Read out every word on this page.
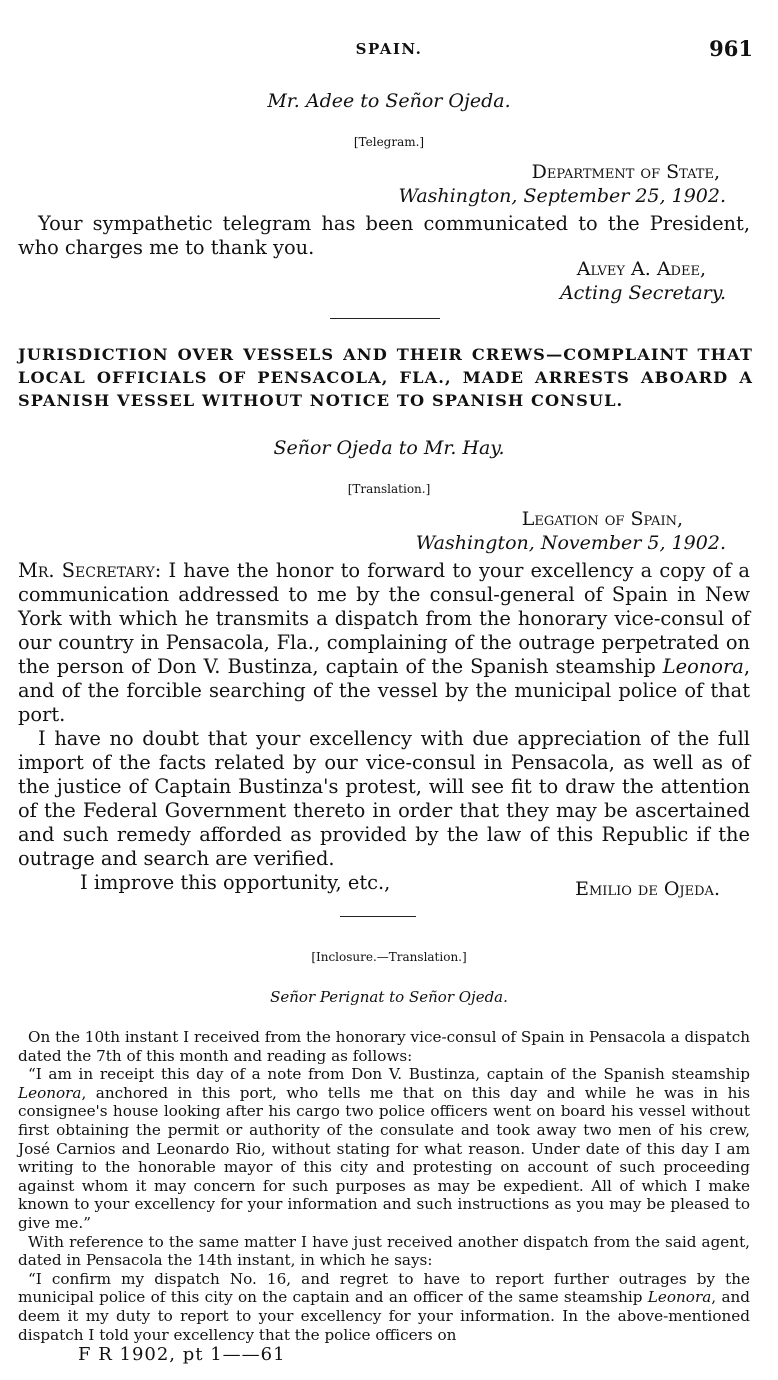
SPAIN.	961
Mr. Adee to Señor Ojeda.
[Telegram.]
Department of State,
Washington, September 25, 1902.

Your sympathetic telegram has been communicated to the President, who charges me to thank you.

Alvey A. Adee,
Acting Secretary.
JURISDICTION OVER VESSELS AND THEIR CREWS—COMPLAINT THAT LOCAL OFFICIALS OF PENSACOLA, FLA., MADE ARRESTS ABOARD A SPANISH VESSEL WITHOUT NOTICE TO SPANISH CONSUL.
Señor Ojeda to Mr. Hay.
[Translation.]
Legation of Spain,
Washington, November 5, 1902.

Mr. Secretary: I have the honor to forward to your excellency a copy of a communication addressed to me by the consul-general of Spain in New York with which he transmits a dispatch from the honorary vice-consul of our country in Pensacola, Fla., complaining of the outrage perpetrated on the person of Don V. Bustinza, captain of the Spanish steamship Leonora, and of the forcible searching of the vessel by the municipal police of that port.

I have no doubt that your excellency with due appreciation of the full import of the facts related by our vice-consul in Pensacola, as well as of the justice of Captain Bustinza's protest, will see fit to draw the attention of the Federal Government thereto in order that they may be ascertained and such remedy afforded as provided by the law of this Republic if the outrage and search are verified.

I improve this opportunity, etc.,	Emilio de Ojeda.
[Inclosure.—Translation.]
Señor Perignat to Señor Ojeda.

On the 10th instant I received from the honorary vice-consul of Spain in Pensacola a dispatch dated the 7th of this month and reading as follows:

“I am in receipt this day of a note from Don V. Bustinza, captain of the Spanish steamship Leonora, anchored in this port, who tells me that on this day and while he was in his consignee's house looking after his cargo two police officers went on board his vessel without first obtaining the permit or authority of the consulate and took away two men of his crew, José Carnios and Leonardo Rio, without stating for what reason. Under date of this day I am writing to the honorable mayor of this city and protesting on account of such proceeding against whom it may concern for such purposes as may be expedient. All of which I make known to your excellency for your information and such instructions as you may be pleased to give me.”

With reference to the same matter I have just received another dispatch from the said agent, dated in Pensacola the 14th instant, in which he says:

“I confirm my dispatch No. 16, and regret to have to report further outrages by the municipal police of this city on the captain and an officer of the same steamship Leonora, and deem it my duty to report to your excellency for your information. In the above-mentioned dispatch I told your excellency that the police officers on

F R 1902, pt 1——61
